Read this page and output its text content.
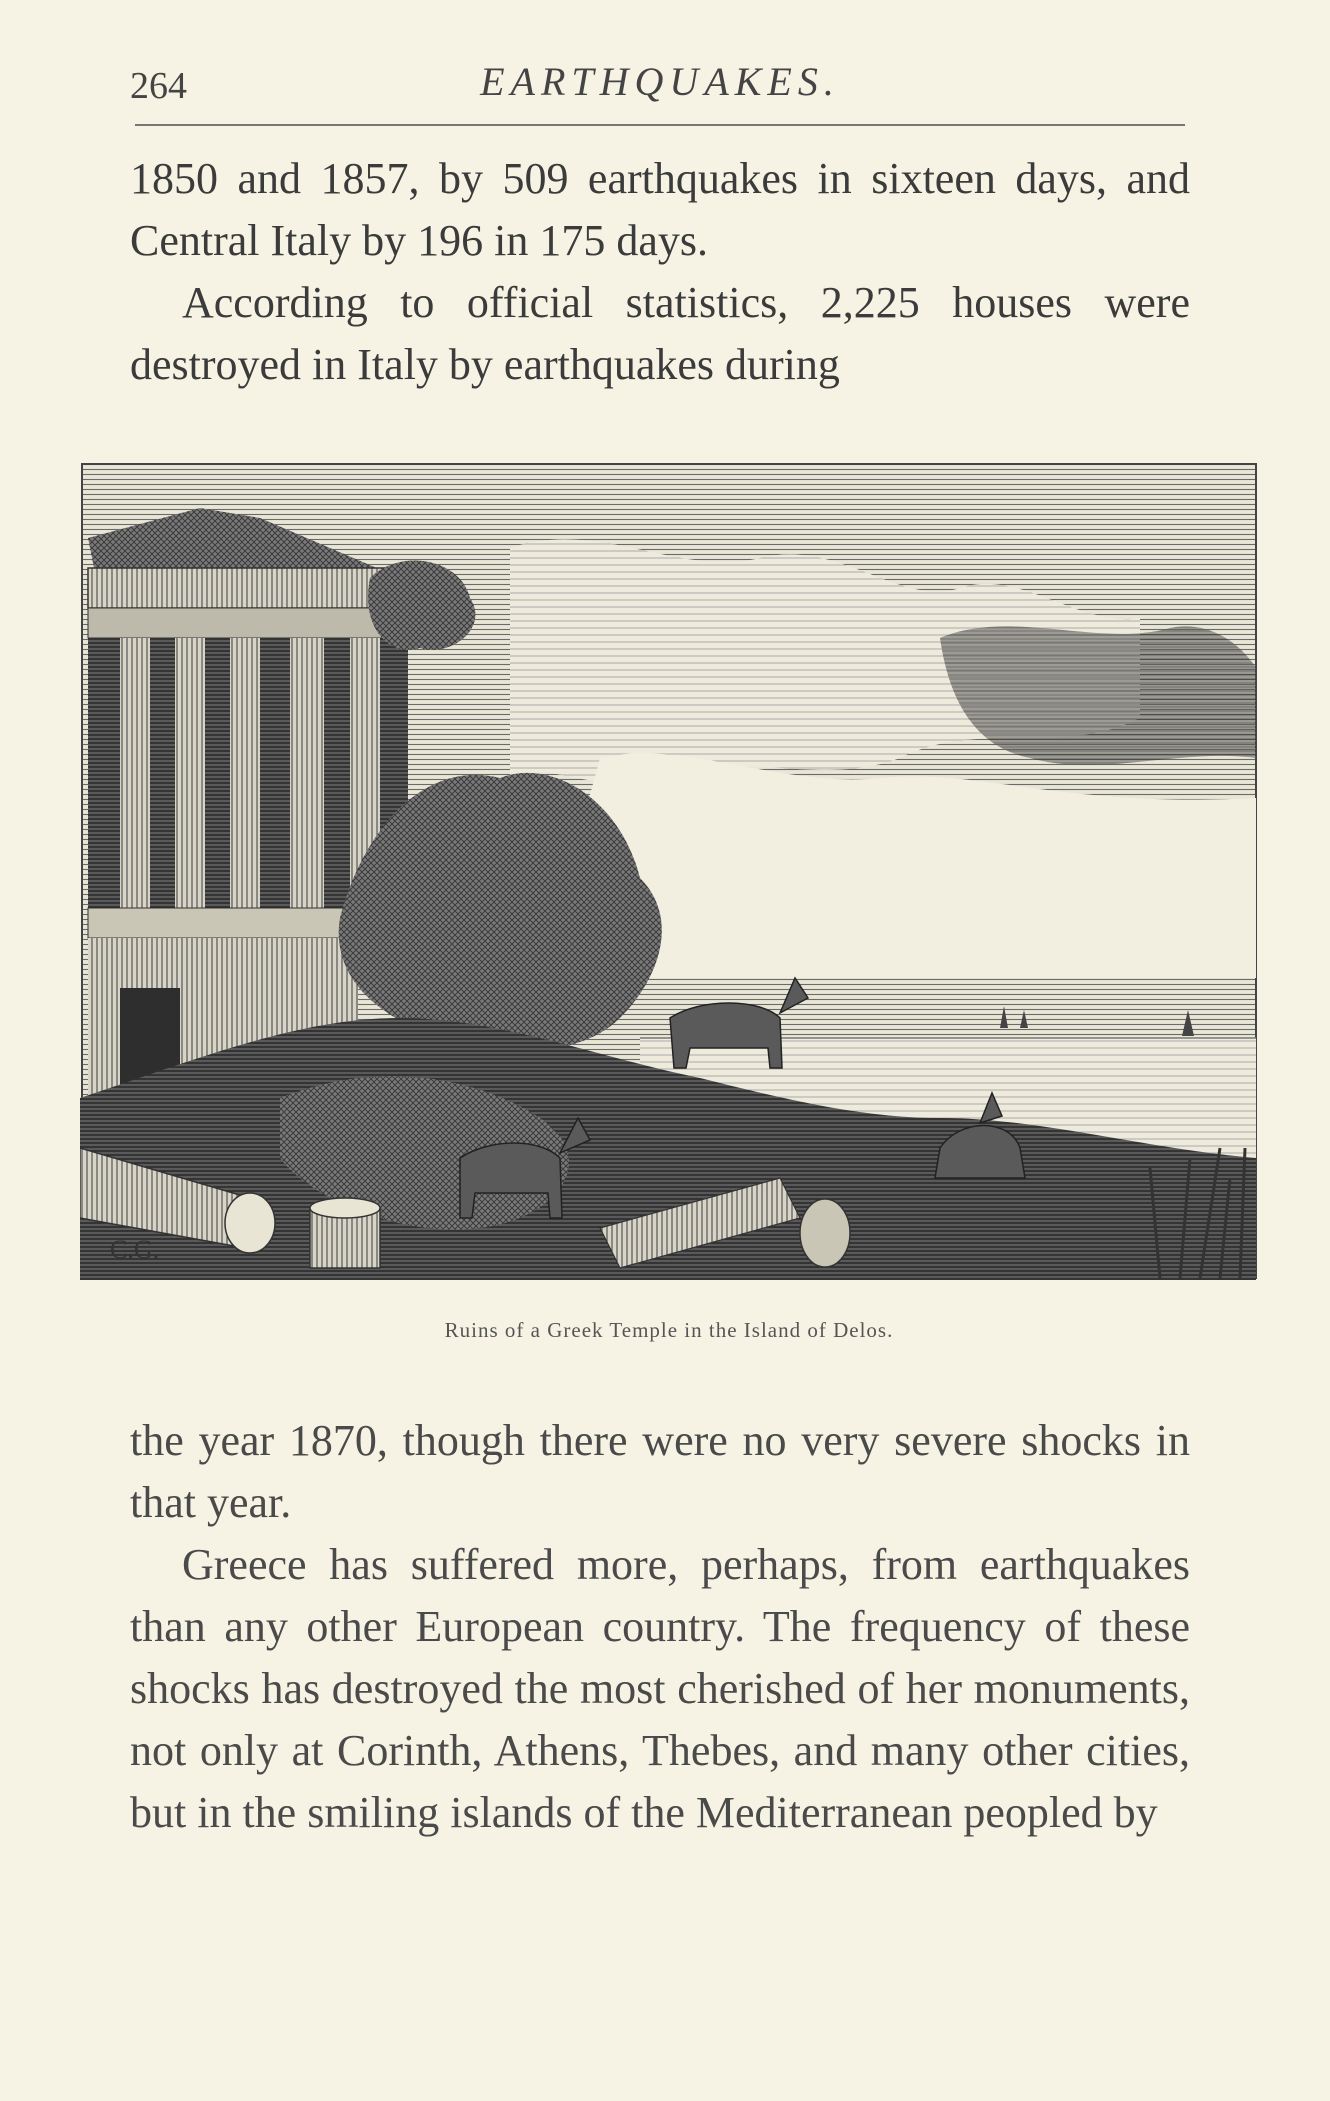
264	EARTHQUAKES.

1850 and 1857, by 509 earthquakes in sixteen days, and Central Italy by 196 in 175 days.

According to official statistics, 2,225 houses were destroyed in Italy by earthquakes during

C.G.
Ruins of a Greek Temple in the Island of Delos.

the year 1870, though there were no very severe shocks in that year.

Greece has suffered more, perhaps, from earthquakes than any other European country. The frequency of these shocks has destroyed the most cherished of her monuments, not only at Corinth, Athens, Thebes, and many other cities, but in the smiling islands of the Mediterranean peopled by
